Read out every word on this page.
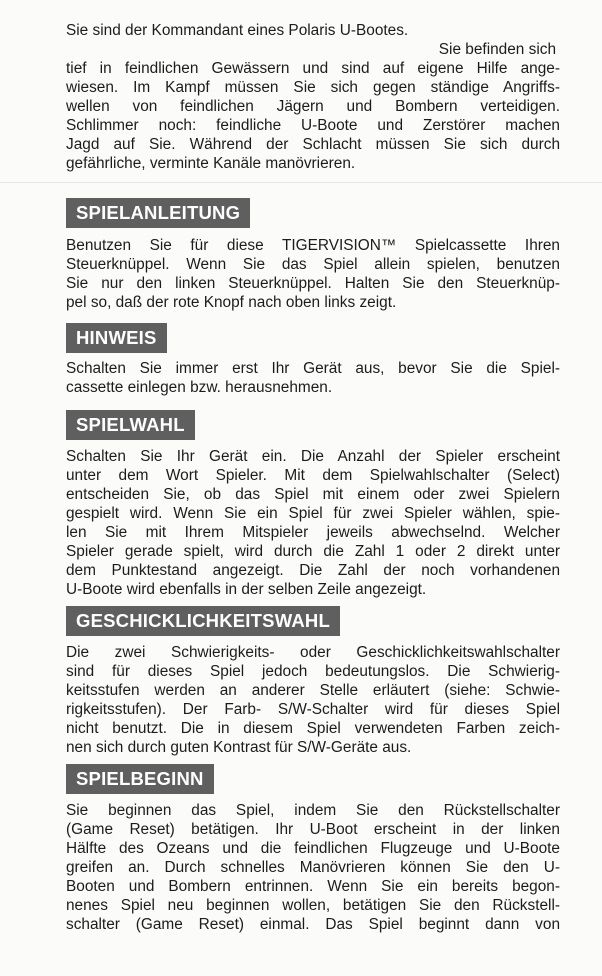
Sie sind der Kommandant eines Polaris U-Bootes.
Sie befinden sich
tief in feindlichen Gewässern und sind auf eigene Hilfe ange-
wiesen. Im Kampf müssen Sie sich gegen ständige Angriffs-
wellen von feindlichen Jägern und Bombern verteidigen.
Schlimmer noch: feindliche U-Boote und Zerstörer machen
Jagd auf Sie. Während der Schlacht müssen Sie sich durch
gefährliche, verminte Kanäle manövrieren.
SPIELANLEITUNG
Benutzen Sie für diese TIGERVISION™ Spielcassette Ihren
Steuerknüppel. Wenn Sie das Spiel allein spielen, benutzen
Sie nur den linken Steuerknüppel. Halten Sie den Steuerknüp-
pel so, daß der rote Knopf nach oben links zeigt.
HINWEIS
Schalten Sie immer erst Ihr Gerät aus, bevor Sie die Spiel-
cassette einlegen bzw. herausnehmen.
SPIELWAHL
Schalten Sie Ihr Gerät ein. Die Anzahl der Spieler erscheint
unter dem Wort Spieler. Mit dem Spielwahlschalter (Select)
entscheiden Sie, ob das Spiel mit einem oder zwei Spielern
gespielt wird. Wenn Sie ein Spiel für zwei Spieler wählen, spie-
len Sie mit Ihrem Mitspieler jeweils abwechselnd. Welcher
Spieler gerade spielt, wird durch die Zahl 1 oder 2 direkt unter
dem Punktestand angezeigt. Die Zahl der noch vorhandenen
U-Boote wird ebenfalls in der selben Zeile angezeigt.
GESCHICKLICHKEITSWAHL
Die zwei Schwierigkeits- oder Geschicklichkeitswahlschalter
sind für dieses Spiel jedoch bedeutungslos. Die Schwierig-
keitsstufen werden an anderer Stelle erläutert (siehe: Schwie-
rigkeitsstufen). Der Farb- S/W-Schalter wird für dieses Spiel
nicht benutzt. Die in diesem Spiel verwendeten Farben zeich-
nen sich durch guten Kontrast für S/W-Geräte aus.
SPIELBEGINN
Sie beginnen das Spiel, indem Sie den Rückstellschalter
(Game Reset) betätigen. Ihr U-Boot erscheint in der linken
Hälfte des Ozeans und die feindlichen Flugzeuge und U-Boote
greifen an. Durch schnelles Manövrieren können Sie den U-
Booten und Bombern entrinnen. Wenn Sie ein bereits begon-
nenes Spiel neu beginnen wollen, betätigen Sie den Rückstell-
schalter (Game Reset) einmal. Das Spiel beginnt dann von
